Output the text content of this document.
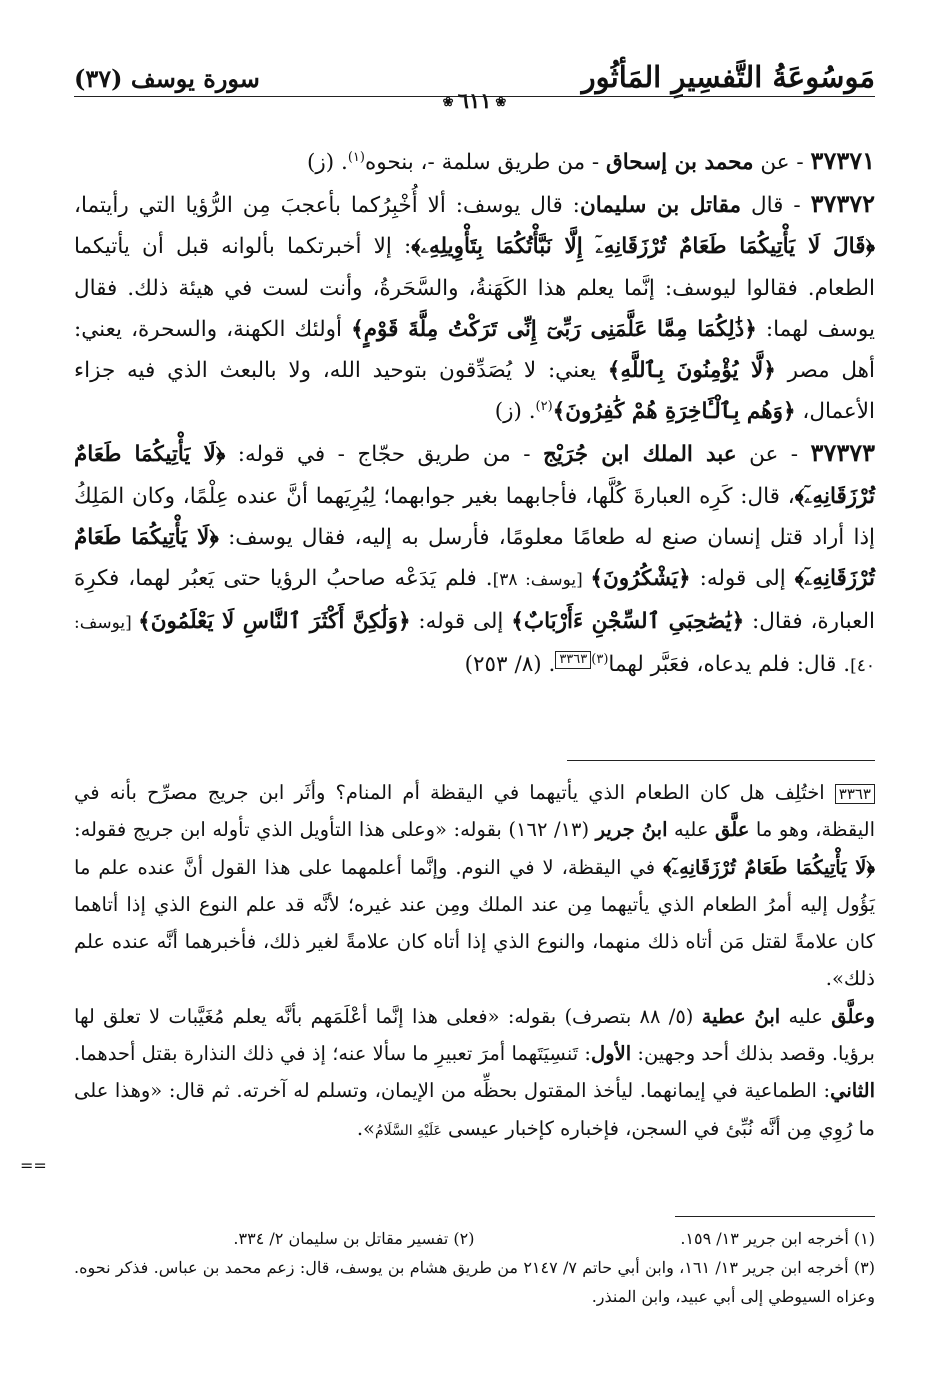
مَوسُوعَةُ التَّفسِيرِ المَأثُور
❀٦١١❀
سورة يوسف (٣٧)
٣٧٣٧١ - عن محمد بن إسحاق - من طريق سلمة -، بنحوه$^{(١)}$. (ز)
٣٧٣٧٢ - قال مقاتل بن سليمان: قال يوسف: ألا أُخْبِرُكما بأعجبَ مِن الرُّؤيا التي رأيتما، ﴿قَالَ لَا يَأْتِيكُمَا طَعَامٌ تُرْزَقَانِهِۦٓ إِلَّا نَبَّأْتُكُمَا بِتَأْوِيلِهِۦ﴾: إلا أخبرتكما بألوانه قبل أن يأتيكما الطعام. فقالوا ليوسف: إنَّما يعلم هذا الكَهَنةُ، والسَّحَرةُ، وأنت لست في هيئة ذلك. فقال يوسف لهما: ﴿ذَٰلِكُمَا مِمَّا عَلَّمَنِى رَبِّىٓ إِنِّى تَرَكْتُ مِلَّةَ قَوْمٍ﴾ أولئك الكهنة، والسحرة، يعني: أهل مصر ﴿لَّا يُؤْمِنُونَ بِٱللَّهِ﴾ يعني: لا يُصَدِّقون بتوحيد الله، ولا بالبعث الذي فيه جزاء الأعمال، ﴿وَهُم بِٱلْـَٔاخِرَةِ هُمْ كَٰفِرُونَ﴾$^{(٢)}$. (ز)
٣٧٣٧٣ - عن عبد الملك ابن جُرَيْج - من طريق حجّاج - في قوله: ﴿لَا يَأْتِيكُمَا طَعَامٌ تُرْزَقَانِهِۦٓ﴾، قال: كَرِه العبارةَ كُلَّها، فأجابهما بغير جوابهما؛ لِيُرِيَهما أنَّ عنده عِلْمًا، وكان المَلِكُ إذا أراد قتل إنسان صنع له طعامًا معلومًا، فأرسل به إليه، فقال يوسف: ﴿لَا يَأْتِيكُمَا طَعَامٌ تُرْزَقَانِهِۦٓ﴾ إلى قوله: ﴿يَشْكُرُونَ﴾ [يوسف: ٣٨]. فلم يَدَعْه صاحبُ الرؤيا حتى يَعبُر لهما، فكرِهَ العبارة، فقال: ﴿يَٰصَٰحِبَىِ ٱلسِّجْنِ ءَأَرْبَابٌ﴾ إلى قوله: ﴿وَلَٰكِنَّ أَكْثَرَ ٱلنَّاسِ لَا يَعْلَمُونَ﴾ [يوسف: ٤٠]. قال: فلم يدعاه، فعَبَّر لهما$^{(٣)}$٣٣٦٣. (٨/ ٢٥٣)
٣٣٦٣ اختُلِف هل كان الطعام الذي يأتيهما في اليقظة أم المنام؟ وأثَر ابن جريج مصرِّح بأنه في اليقظة، وهو ما علَّق عليه ابنُ جرير (١٣/ ١٦٢) بقوله: «وعلى هذا التأويل الذي تأوله ابن جريج فقوله: ﴿لَا يَأْتِيكُمَا طَعَامٌ تُرْزَقَانِهِۦٓ﴾ في اليقظة، لا في النوم. وإنَّما أعلمهما على هذا القول أنَّ عنده علم ما يَؤُول إليه أمرُ الطعام الذي يأتيهما مِن عند الملك ومِن عند غيره؛ لأنَّه قد علم النوع الذي إذا أتاهما كان علامةً لقتل مَن أتاه ذلك منهما، والنوع الذي إذا أتاه كان علامةً لغير ذلك، فأخبرهما أنَّه عنده علم ذلك».
وعلَّق عليه ابنُ عطية (٥/ ٨٨ بتصرف) بقوله: «فعلى هذا إنَّما أعْلَمَهم بأنَّه يعلم مُغَيَّبات لا تعلق لها برؤيا. وقصد بذلك أحد وجهين: الأول: تَنسِيَتَهما أمرَ تعبيرِ ما سألا عنه؛ إذ في ذلك النذارة بقتل أحدهما. الثاني: الطماعية في إيمانهما. ليأخذ المقتول بحظِّه من الإيمان، وتسلم له آخرته. ثم قال: «وهذا على ما رُوِي مِن أنَّه نُبِّئ في السجن، فإخباره كإخبار عيسى عَلَيْهِ السَّلَامُ».
==
(١) أخرجه ابن جرير ١٣/ ١٥٩.
(٢) تفسير مقاتل بن سليمان ٢/ ٣٣٤.
(٣) أخرجه ابن جرير ١٣/ ١٦١، وابن أبي حاتم ٧/ ٢١٤٧ من طريق هشام بن يوسف، قال: زعم محمد بن عباس. فذكر نحوه. وعزاه السيوطي إلى أبي عبيد، وابن المنذر.
